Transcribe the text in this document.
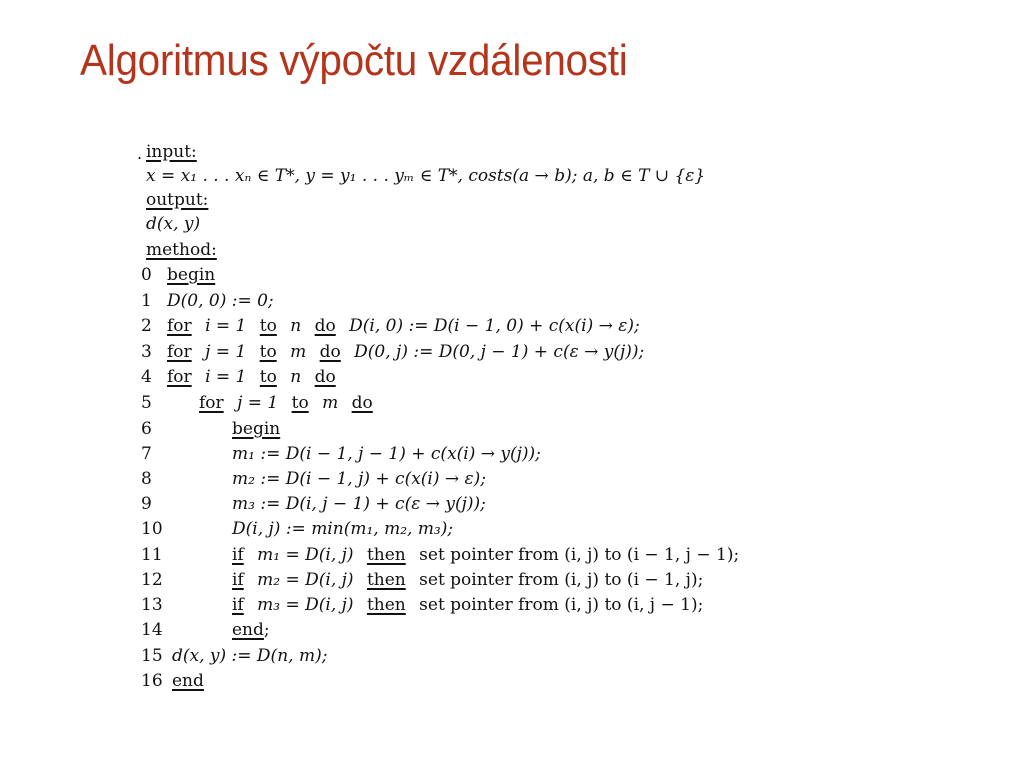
Algoritmus výpočtu vzdálenosti
. input:
x = x₁ . . . xₙ ∈ T*, y = y₁ . . . yₘ ∈ T*, costs(a → b); a, b ∈ T ∪ {ε}
output:
d(x, y)
method:
0 begin
1 D(0, 0) := 0;
2 for i = 1 to n do D(i, 0) := D(i − 1, 0) + c(x(i) → ε);
3 for j = 1 to m do D(0, j) := D(0, j − 1) + c(ε → y(j));
4 for i = 1 to n do
5	for j = 1 to m do
6	begin
7	m₁ := D(i − 1, j − 1) + c(x(i) → y(j));
8	m₂ := D(i − 1, j) + c(x(i) → ε);
9	m₃ := D(i, j − 1) + c(ε → y(j));
10	D(i, j) := min(m₁, m₂, m₃);
11	if m₁ = D(i, j) then set pointer from (i, j) to (i − 1, j − 1);
12	if m₂ = D(i, j) then set pointer from (i, j) to (i − 1, j);
13	if m₃ = D(i, j) then set pointer from (i, j) to (i, j − 1);
14	end;
15 d(x, y) := D(n, m);
16 end
